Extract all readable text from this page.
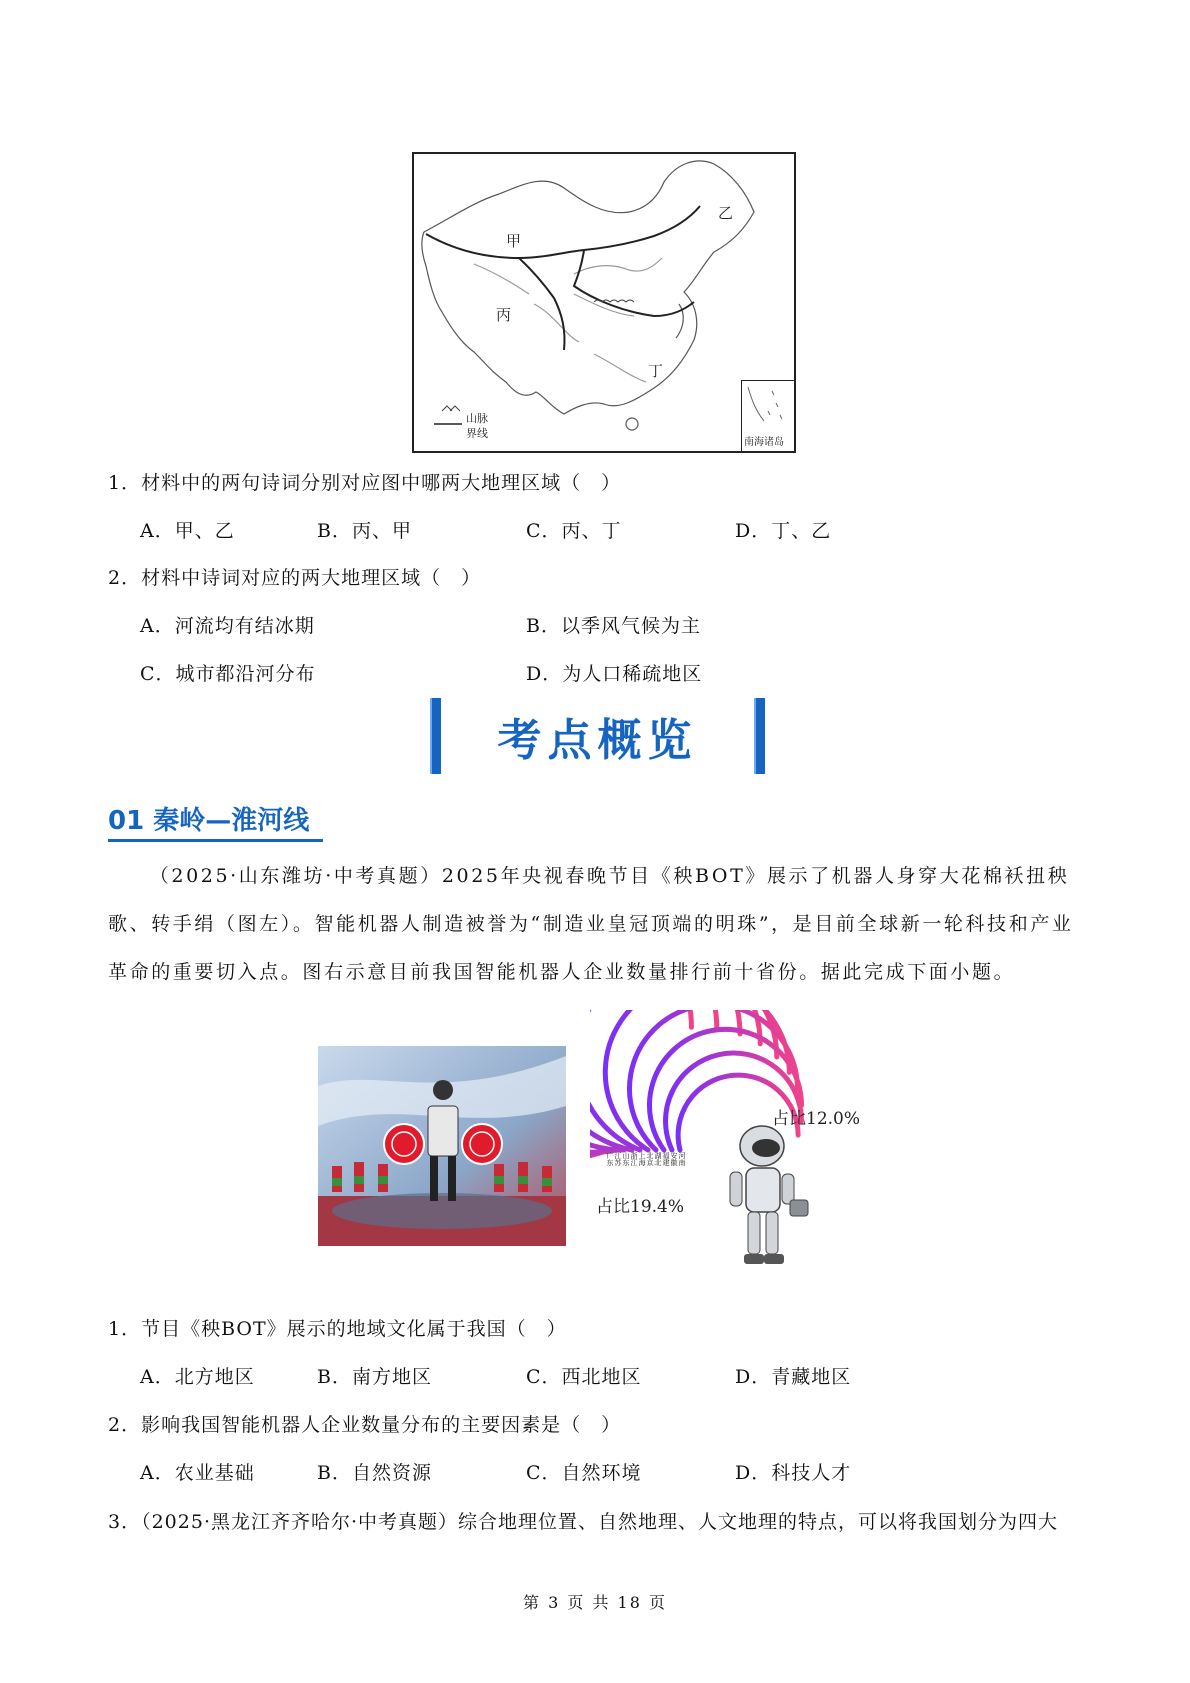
甲
乙
丙
丁
山脉
界线
南海诸岛
1．材料中的两句诗词分别对应图中哪两大地理区域（　）
A．甲、乙	B．丙、甲	C．丙、丁	D．丁、乙
2．材料中诗词对应的两大地理区域（　）
A．河流均有结冰期	B．以季风气候为主
C．城市都沿河分布	D．为人口稀疏地区
考点概览
01 秦岭—淮河线
（2025·山东潍坊·中考真题）2025年央视春晚节目《秧BOT》展示了机器人身穿大花棉袄扭秧歌、转手绢（图左）。智能机器人制造被誉为“制造业皇冠顶端的明珠”，是目前全球新一轮科技和产业革命的重要切入点。图右示意目前我国智能机器人企业数量排行前十省份。据此完成下面小题。
广东 江苏 山东 浙江 上海 北京 湖北 福建 安徽 河南
占比12.0%
占比19.4%
1．节目《秧BOT》展示的地域文化属于我国（　）
A．北方地区	B．南方地区	C．西北地区	D．青藏地区
2．影响我国智能机器人企业数量分布的主要因素是（　）
A．农业基础	B．自然资源	C．自然环境	D．科技人才
3．（2025·黑龙江齐齐哈尔·中考真题）综合地理位置、自然地理、人文地理的特点，可以将我国划分为四大
第 3 页 共 18 页
